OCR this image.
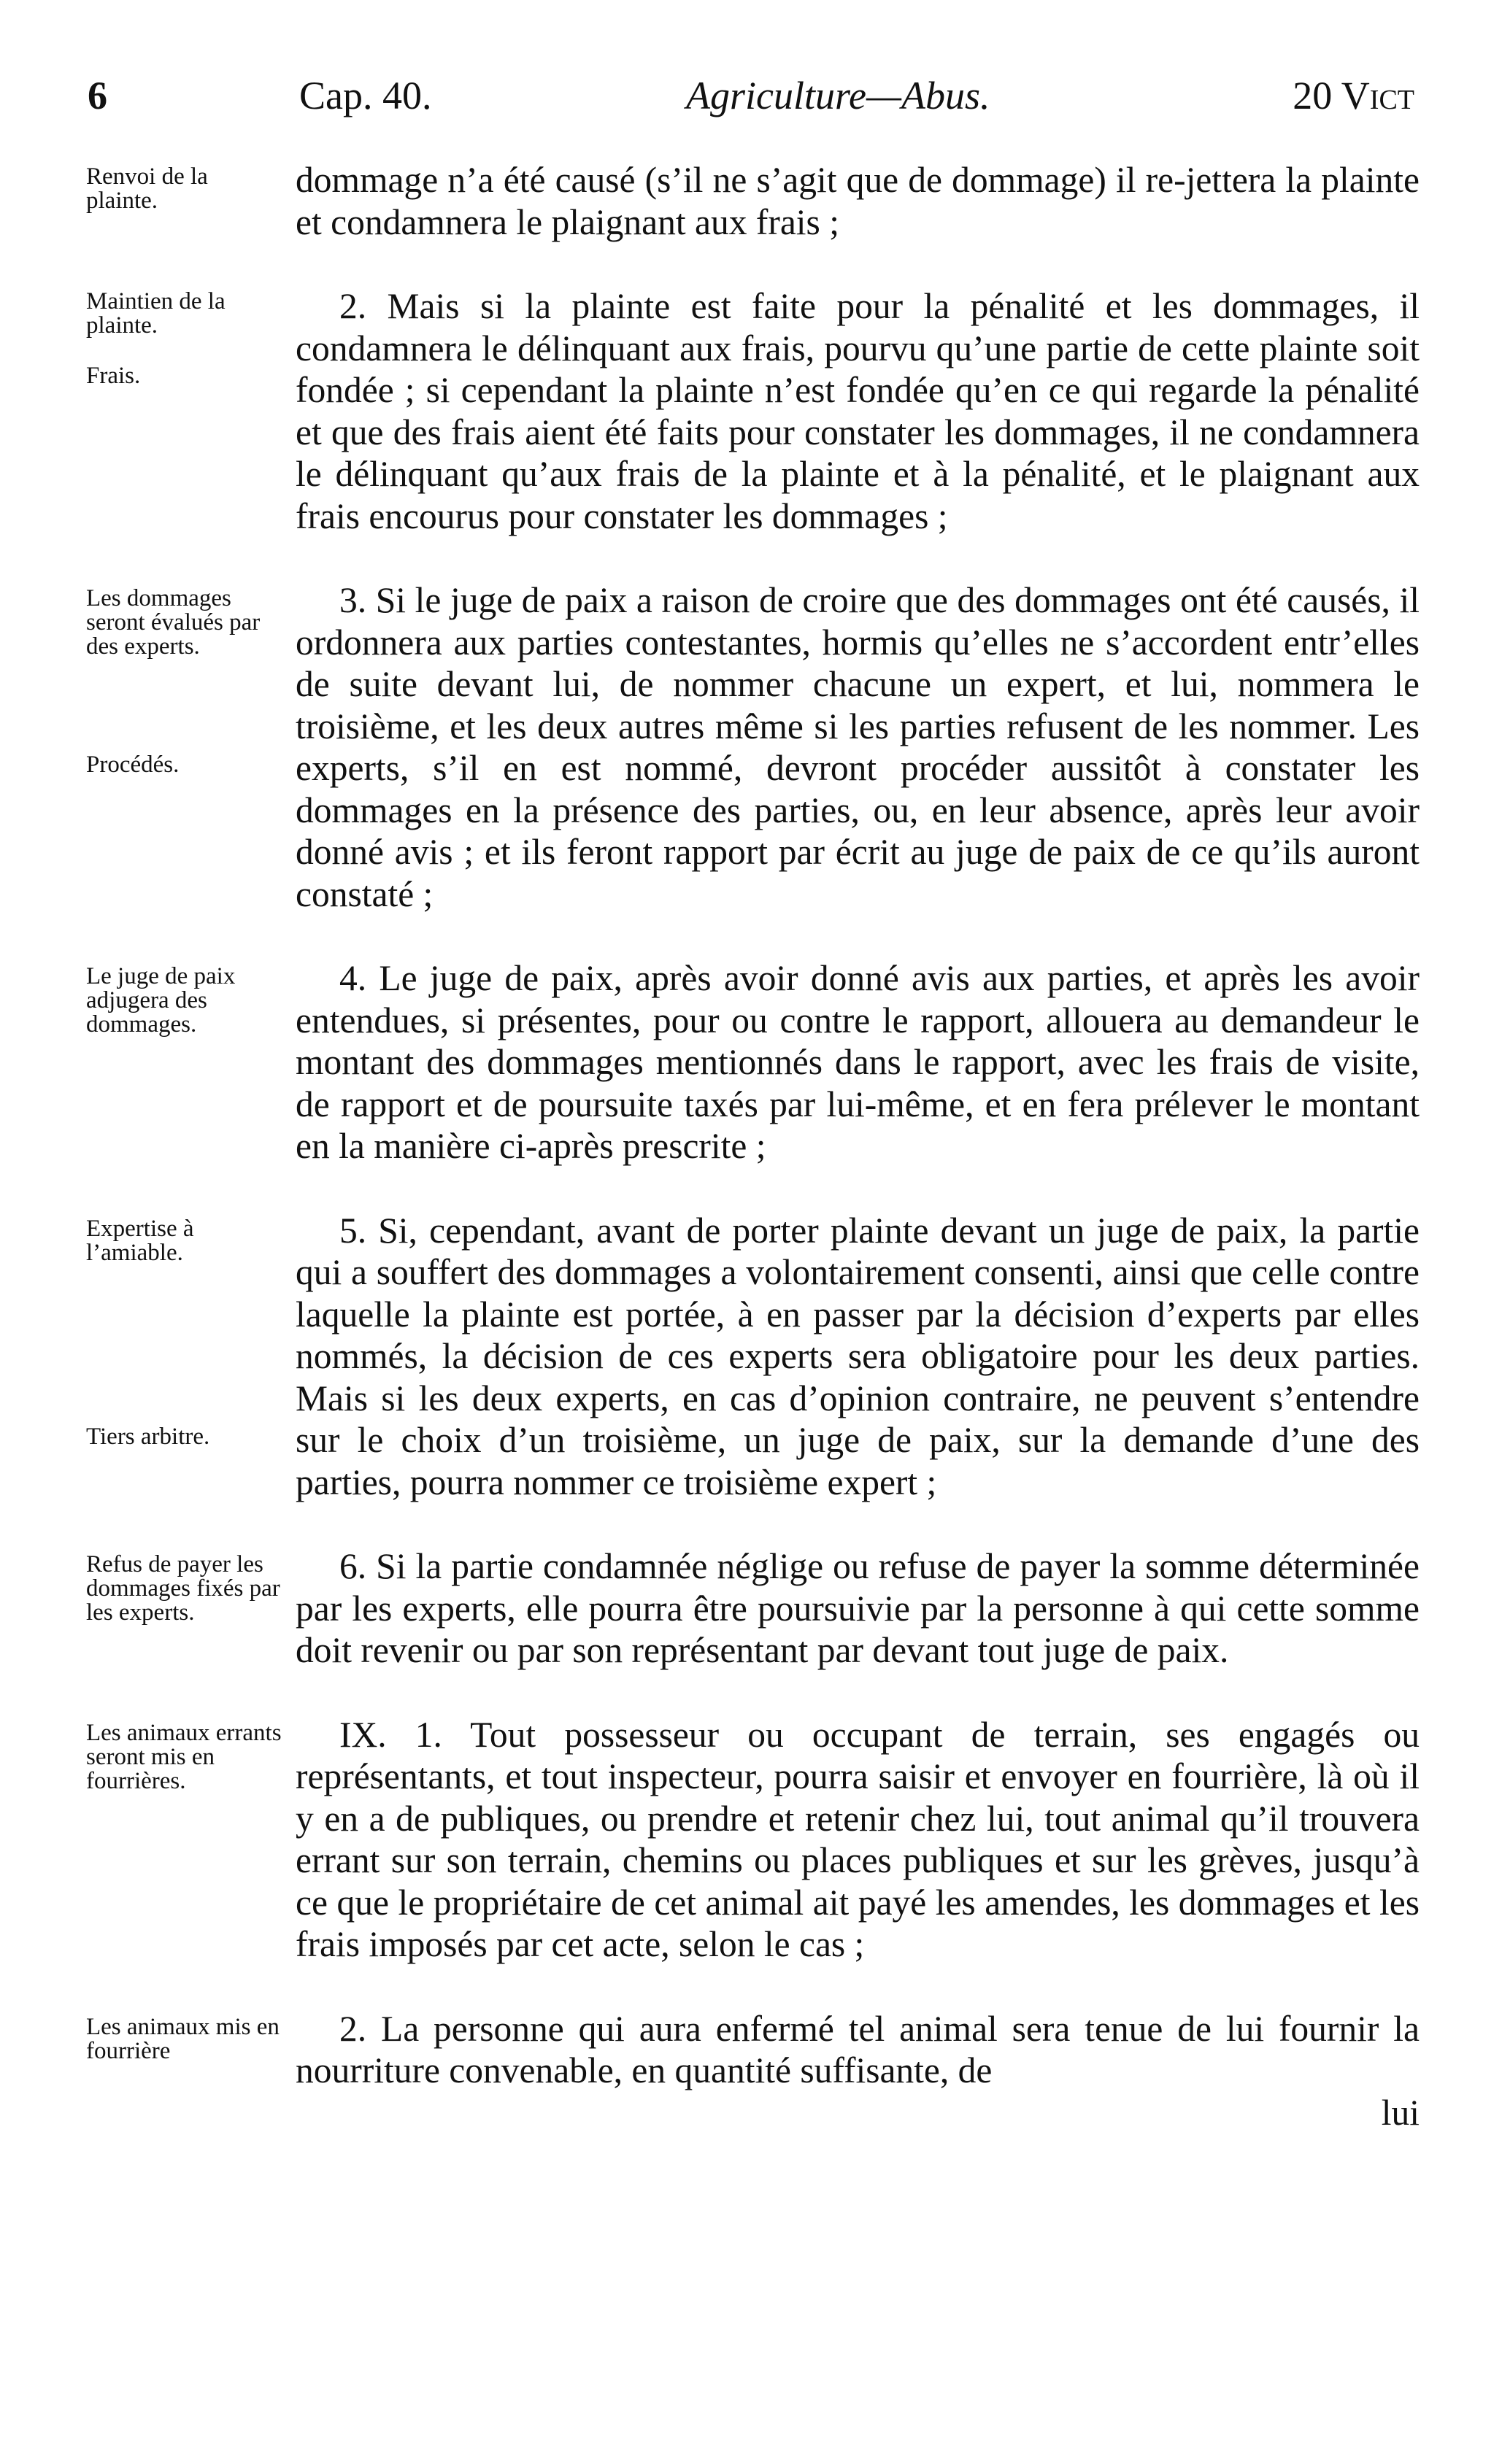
6	Cap. 40.	Agriculture—Abus.	20 Vict
Renvoi de la plainte.

dommage n’a été causé (s’il ne s’agit que de dommage) il re-jettera la plainte et condamnera le plaignant aux frais ;

Maintien de la plainte.
Frais.

2. Mais si la plainte est faite pour la pénalité et les dommages, il condamnera le délinquant aux frais, pourvu qu’une partie de cette plainte soit fondée ; si cependant la plainte n’est fondée qu’en ce qui regarde la pénalité et que des frais aient été faits pour constater les dommages, il ne condamnera le délinquant qu’aux frais de la plainte et à la pénalité, et le plaignant aux frais encourus pour constater les dommages ;

Les dommages seront évalués par des experts.
Procédés.

3. Si le juge de paix a raison de croire que des dommages ont été causés, il ordonnera aux parties contestantes, hormis qu’elles ne s’accordent entr’elles de suite devant lui, de nommer chacune un expert, et lui, nommera le troisième, et les deux autres même si les parties refusent de les nommer. Les experts, s’il en est nommé, devront procéder aussitôt à constater les dommages en la présence des parties, ou, en leur absence, après leur avoir donné avis ; et ils feront rapport par écrit au juge de paix de ce qu’ils auront constaté ;

Le juge de paix adjugera des dommages.

4. Le juge de paix, après avoir donné avis aux parties, et après les avoir entendues, si présentes, pour ou contre le rapport, allouera au demandeur le montant des dommages mentionnés dans le rapport, avec les frais de visite, de rapport et de poursuite taxés par lui-même, et en fera prélever le montant en la manière ci-après prescrite ;

Expertise à l’amiable.
Tiers arbitre.

5. Si, cependant, avant de porter plainte devant un juge de paix, la partie qui a souffert des dommages a volontairement consenti, ainsi que celle contre laquelle la plainte est portée, à en passer par la décision d’experts par elles nommés, la décision de ces experts sera obligatoire pour les deux parties. Mais si les deux experts, en cas d’opinion contraire, ne peuvent s’entendre sur le choix d’un troisième, un juge de paix, sur la demande d’une des parties, pourra nommer ce troisième expert ;

Refus de payer les dommages fixés par les experts.

6. Si la partie condamnée néglige ou refuse de payer la somme déterminée par les experts, elle pourra être poursuivie par la personne à qui cette somme doit revenir ou par son représentant par devant tout juge de paix.

Les animaux errants seront mis en fourrières.

IX. 1. Tout possesseur ou occupant de terrain, ses engagés ou représentants, et tout inspecteur, pourra saisir et envoyer en fourrière, là où il y en a de publiques, ou prendre et retenir chez lui, tout animal qu’il trouvera errant sur son terrain, chemins ou places publiques et sur les grèves, jusqu’à ce que le propriétaire de cet animal ait payé les amendes, les dommages et les frais imposés par cet acte, selon le cas ;

Les animaux mis en fourrière

2. La personne qui aura enfermé tel animal sera tenue de lui fournir la nourriture convenable, en quantité suffisante, de

lui
